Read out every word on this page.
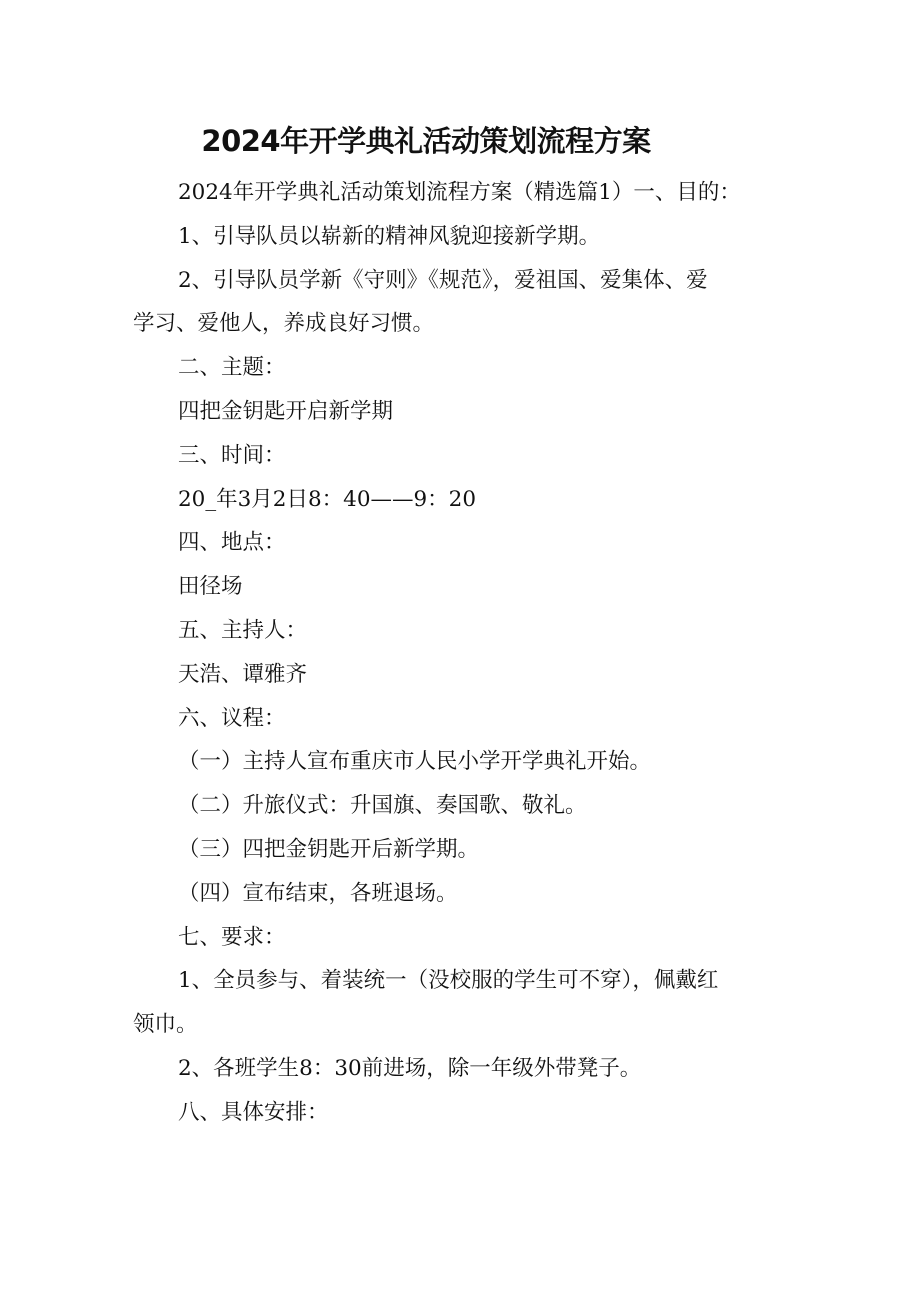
2024年开学典礼活动策划流程方案

2024年开学典礼活动策划流程方案（精选篇1）一、目的：

1、引导队员以崭新的精神风貌迎接新学期。

2、引导队员学新《守则》《规范》，爱祖国、爱集体、爱
学习、爱他人，养成良好习惯。

二、主题：

四把金钥匙开启新学期

三、时间：

20_年3月2日8：40——9：20

四、地点：

田径场

五、主持人：

天浩、谭雅齐

六、议程：

（一）主持人宣布重庆市人民小学开学典礼开始。

（二）升旅仪式：升国旗、奏国歌、敬礼。

（三）四把金钥匙开后新学期。

（四）宣布结束，各班退场。

七、要求：

1、全员参与、着装统一（没校服的学生可不穿），佩戴红
领巾。

2、各班学生8：30前进场，除一年级外带凳子。

八、具体安排：
